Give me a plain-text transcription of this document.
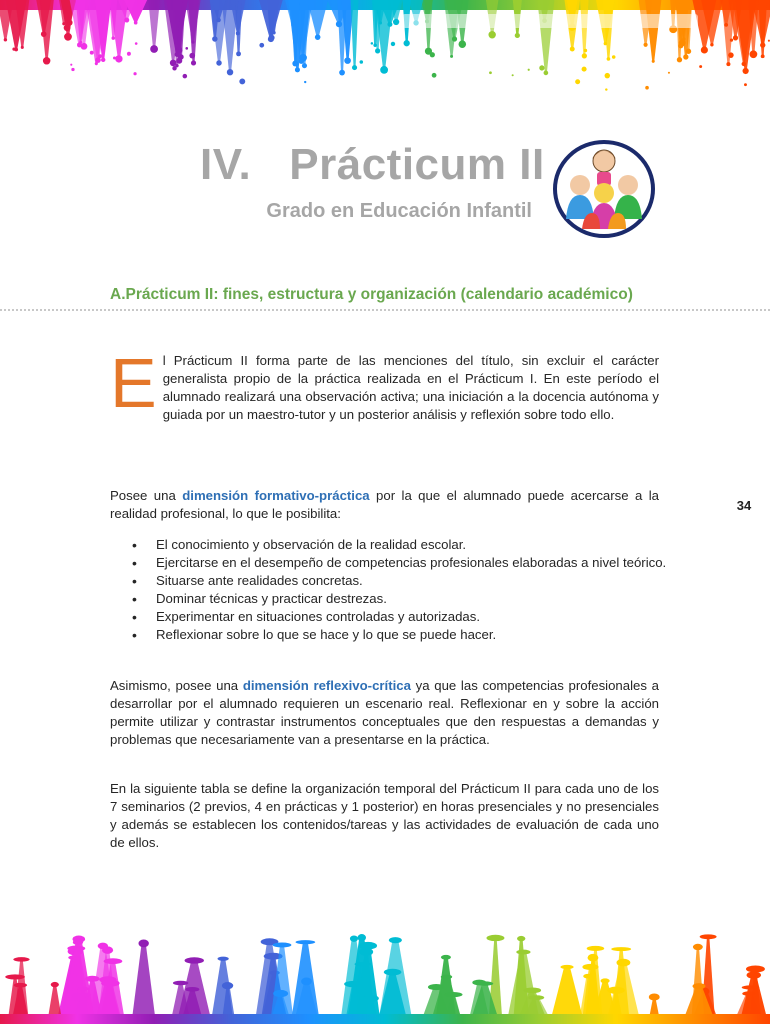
IV. Prácticum II
Grado en Educación Infantil
A.Prácticum II: fines, estructura y organización (calendario académico)
El Prácticum II forma parte de las menciones del título, sin excluir el carácter generalista propio de la práctica realizada en el Prácticum I. En este período el alumnado realizará una observación activa; una iniciación a la docencia autónoma y guiada por un maestro-tutor y un posterior análisis y reflexión sobre todo ello.
Posee una dimensión formativo-práctica por la que el alumnado puede acercarse a la realidad profesional, lo que le posibilita:
• El conocimiento y observación de la realidad escolar.
• Ejercitarse en el desempeño de competencias profesionales elaboradas a nivel teórico.
• Situarse ante realidades concretas.
• Dominar técnicas y practicar destrezas.
• Experimentar en situaciones controladas y autorizadas.
• Reflexionar sobre lo que se hace y lo que se puede hacer.
Asimismo, posee una dimensión reflexivo-crítica ya que las competencias profesionales a desarrollar por el alumnado requieren un escenario real. Reflexionar en y sobre la acción permite utilizar y contrastar instrumentos conceptuales que den respuestas a demandas y problemas que necesariamente van a presentarse en la práctica.
En la siguiente tabla se define la organización temporal del Prácticum II para cada uno de los 7 seminarios (2 previos, 4 en prácticas y 1 posterior) en horas presenciales y no presenciales y además se establecen los contenidos/tareas y las actividades de evaluación de cada uno de ellos.
34
